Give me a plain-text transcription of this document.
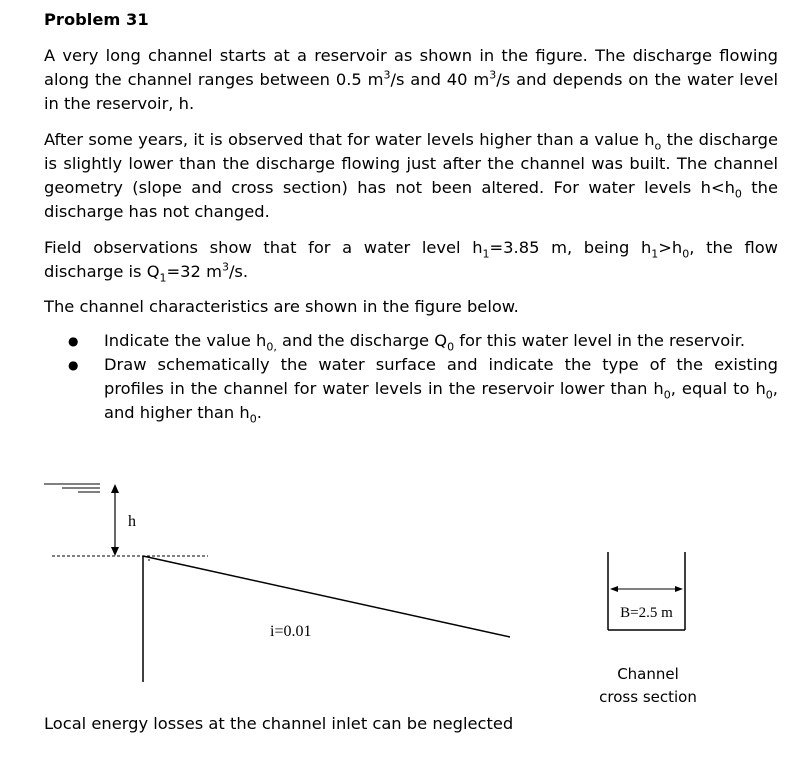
Problem 31

A very long channel starts at a reservoir as shown in the figure. The discharge flowing along the channel ranges between 0.5 $m^3/s$ and 40 $m^3/s$ and depends on the water level in the reservoir, h.

After some years, it is observed that for water levels higher than a value $h_o$ the discharge is slightly lower than the discharge flowing just after the channel was built. The channel geometry (slope and cross section) has not been altered. For water levels $h<h_0$ the discharge has not changed.

Field observations show that for a water level $h_1=3.85$ m, being $h_1>h_0$, the flow discharge is $Q_1=32$ $m^3/s$.

The channel characteristics are shown in the figure below.

● Indicate the value $h_{0,}$ and the discharge $Q_0$ for this water level in the reservoir.
● Draw schematically the water surface and indicate the type of the existing profiles in the channel for water levels in the reservoir lower than $h_0$, equal to $h_0$, and higher than $h_0$.
h
i=0.01
B=2.5 m
Channel
cross section
Local energy losses at the channel inlet can be neglected
